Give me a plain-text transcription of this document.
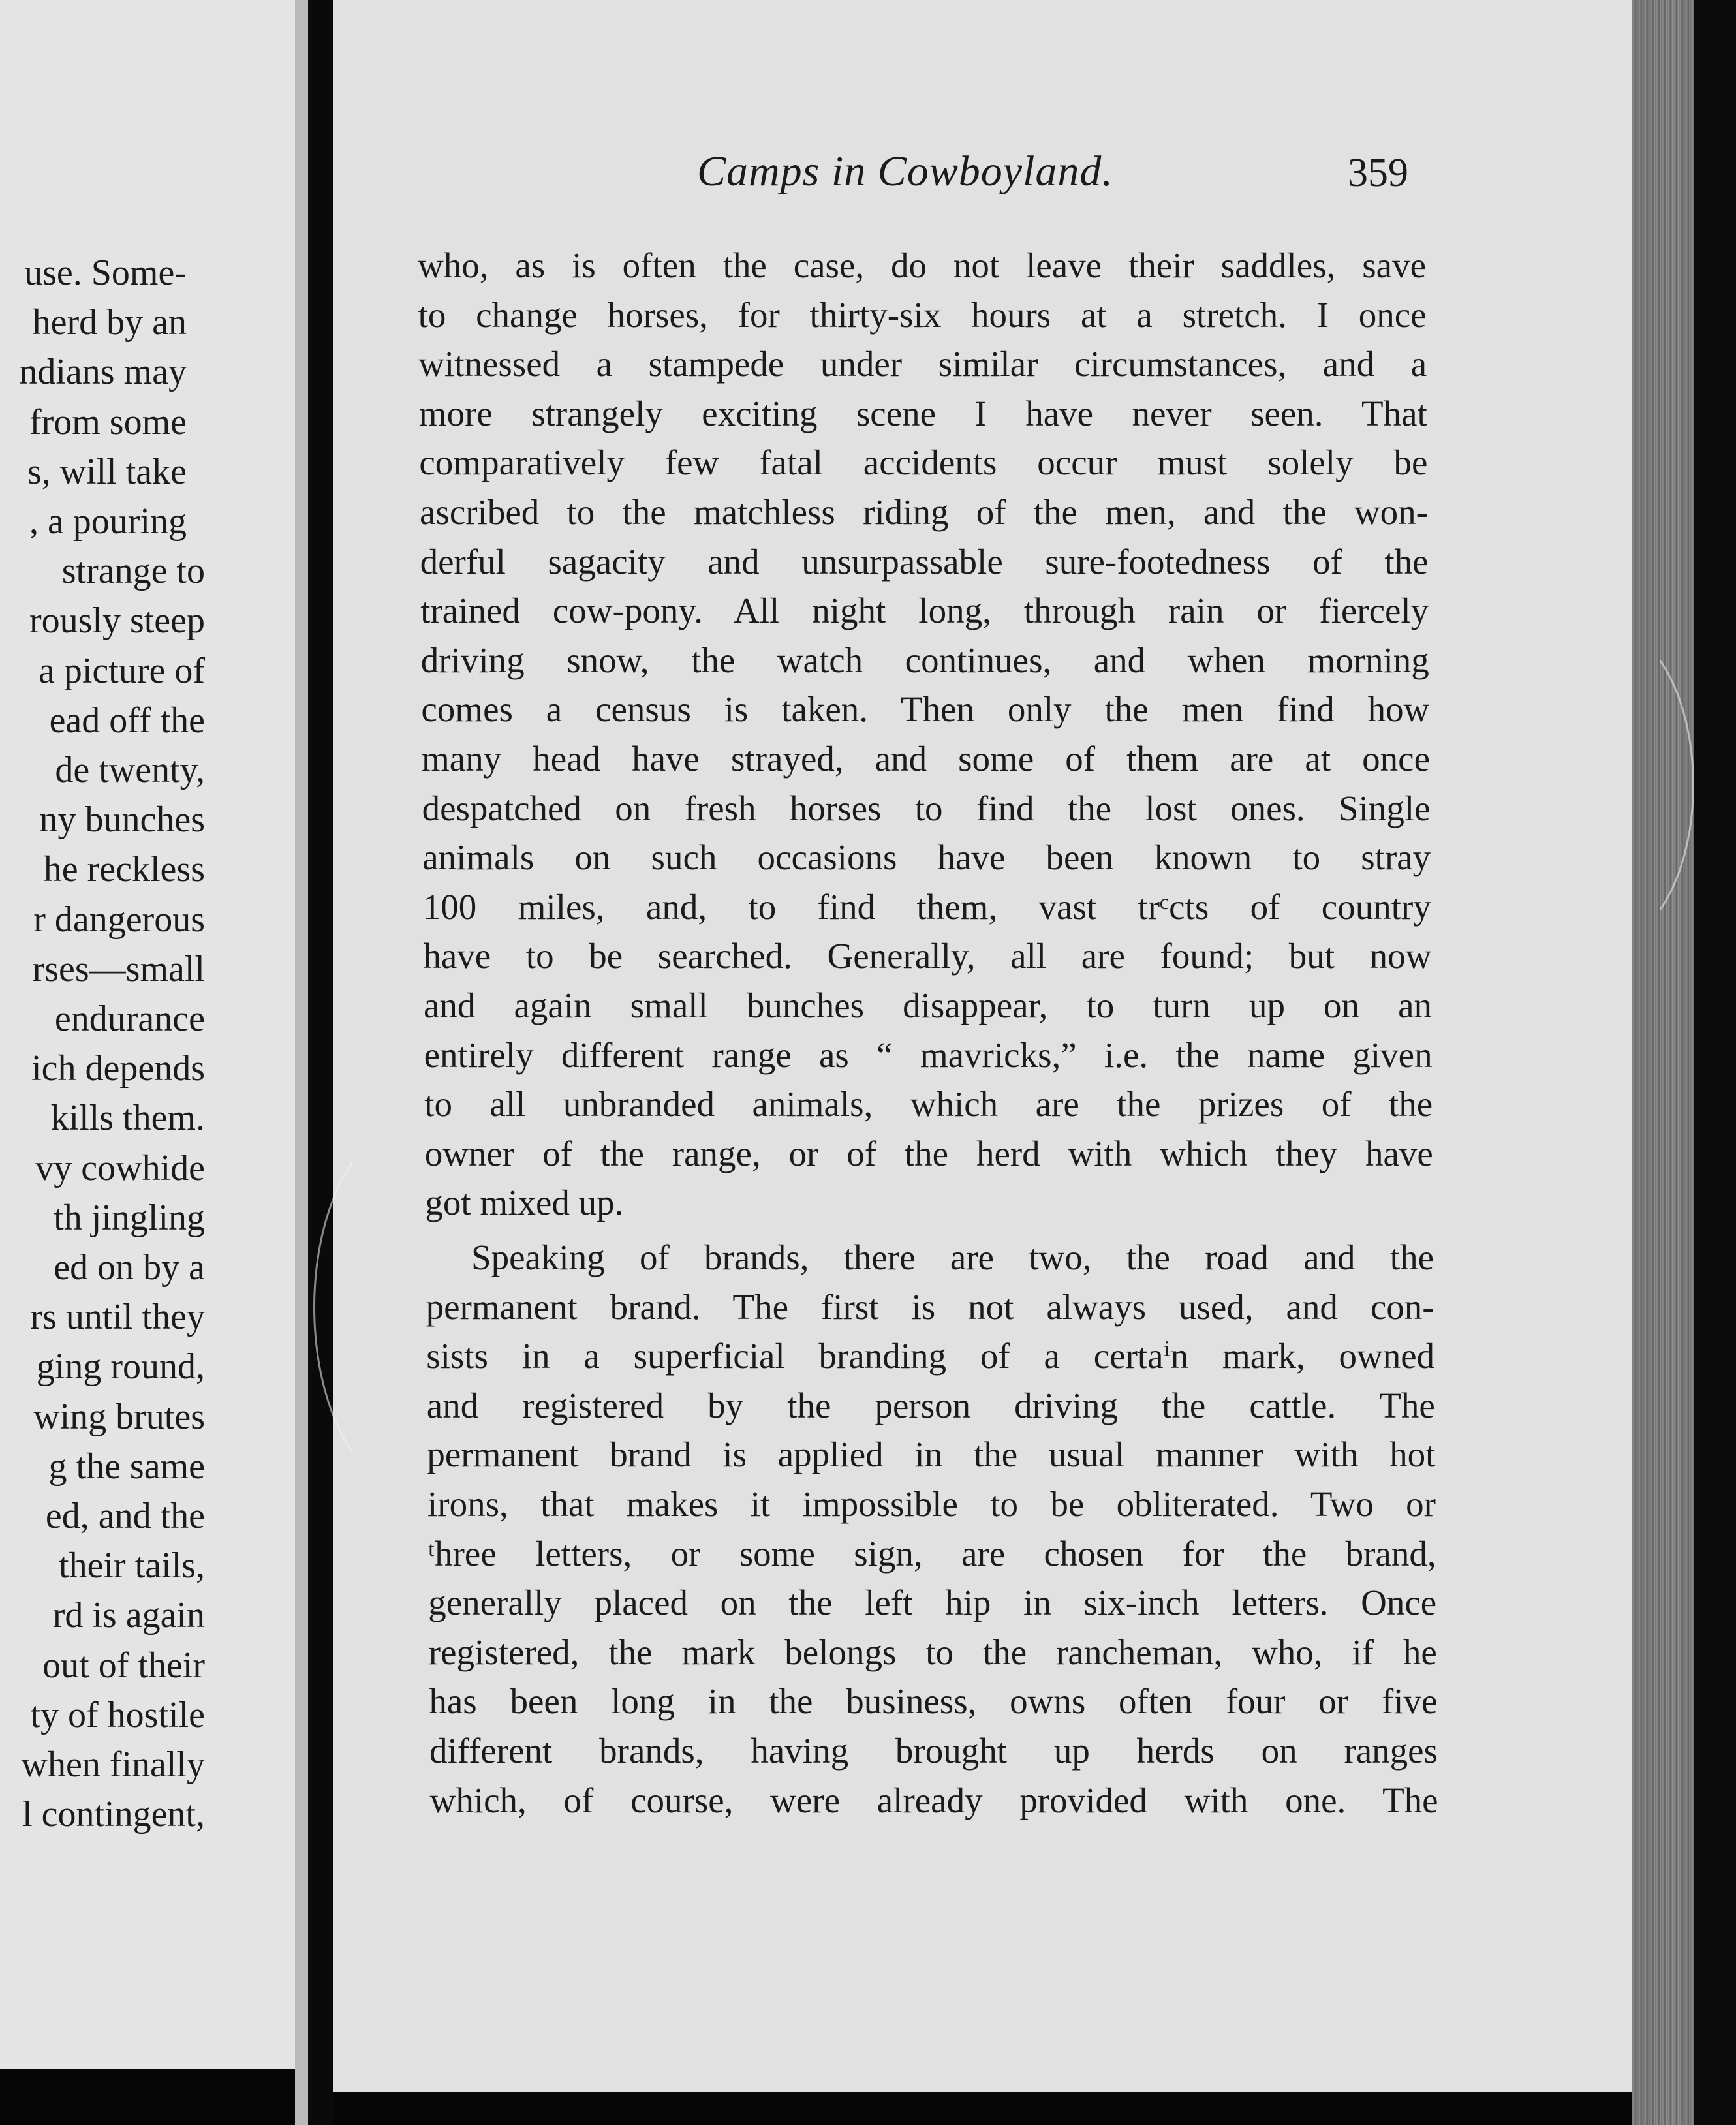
use. Some-
herd by an
ndians may
from some
s, will take
, a pouring
strange to
rously steep
a picture of
ead off the
de twenty,
ny bunches
he reckless
r dangerous
rses—small
endurance
ich depends
kills them.
vy cowhide
th jingling
ed on by a
rs until they
ging round,
wing brutes
g the same
ed, and the
their tails,
rd is again
out of their
ty of hostile
when finally
l contingent,
Camps in Cowboyland.	359
who, as is often the case, do not leave their saddles, save
to change horses, for thirty-six hours at a stretch. I once
witnessed a stampede under similar circumstances, and a
more strangely exciting scene I have never seen. That
comparatively few fatal accidents occur must solely be
ascribed to the matchless riding of the men, and the won-
derful sagacity and unsurpassable sure-footedness of the
trained cow-pony. All night long, through rain or fiercely
driving snow, the watch continues, and when morning
comes a census is taken. Then only the men find how
many head have strayed, and some of them are at once
despatched on fresh horses to find the lost ones. Single
animals on such occasions have been known to stray
100 miles, and, to find them, vast trᶜcts of country
have to be searched. Generally, all are found; but now
and again small bunches disappear, to turn up on an
entirely different range as “ mavricks,” i.e. the name given
to all unbranded animals, which are the prizes of the
owner of the range, or of the herd with which they have
got mixed up.
Speaking of brands, there are two, the road and the
permanent brand. The first is not always used, and con-
sists in a superficial branding of a certaⁱn mark, owned
and registered by the person driving the cattle. The
permanent brand is applied in the usual manner with hot
irons, that makes it impossible to be obliterated. Two or
ᵗhree letters, or some sign, are chosen for the brand,
generally placed on the left hip in six-inch letters. Once
registered, the mark belongs to the rancheman, who, if he
has been long in the business, owns often four or five
different brands, having brought up herds on ranges
which, of course, were already provided with one. The
